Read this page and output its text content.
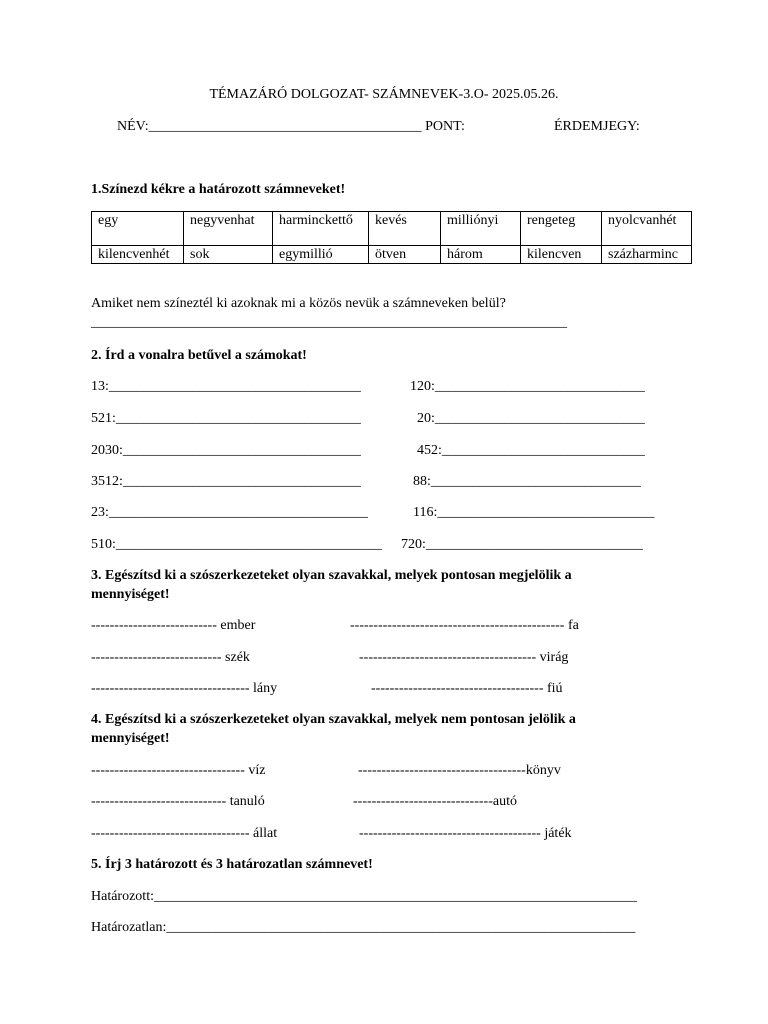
TÉMAZÁRÓ DOLGOZAT- SZÁMNEVEK-3.O- 2025.05.26.
NÉV:_______________________________________ PONT:	ÉRDEMJEGY:
1.Színezd kékre a határozott számneveket!
egy	negyvenhat	harminckettő	kevés	milliónyi	rengeteg	nyolcvanhét
kilencvenhét	sok	egymillió	ötven	három	kilencven	százharminc
Amiket nem színeztél ki azoknak mi a közös nevük a számneveken belül?
____________________________________________________________________
2. Írd a vonalra betűvel a számokat!
13:____________________________________	120:______________________________
521:___________________________________	20:______________________________
2030:__________________________________	452:_____________________________
3512:__________________________________	88:______________________________
23:_____________________________________	116:_______________________________
510:______________________________________ 720:_______________________________
3. Egészítsd ki a szószerkezeteket olyan szavakkal, melyek pontosan megjelölik a
mennyiséget!
--------------------------- ember	---------------------------------------------- fa
---------------------------- szék	-------------------------------------- virág
---------------------------------- lány	------------------------------------- fiú
4. Egészítsd ki a szószerkezeteket olyan szavakkal, melyek nem pontosan jelölik a
mennyiséget!
--------------------------------- víz	------------------------------------könyv
----------------------------- tanuló	------------------------------autó
---------------------------------- állat	--------------------------------------- játék
5. Írj 3 határozott és 3 határozatlan számnevet!
Határozott:_____________________________________________________________________
Határozatlan:___________________________________________________________________
